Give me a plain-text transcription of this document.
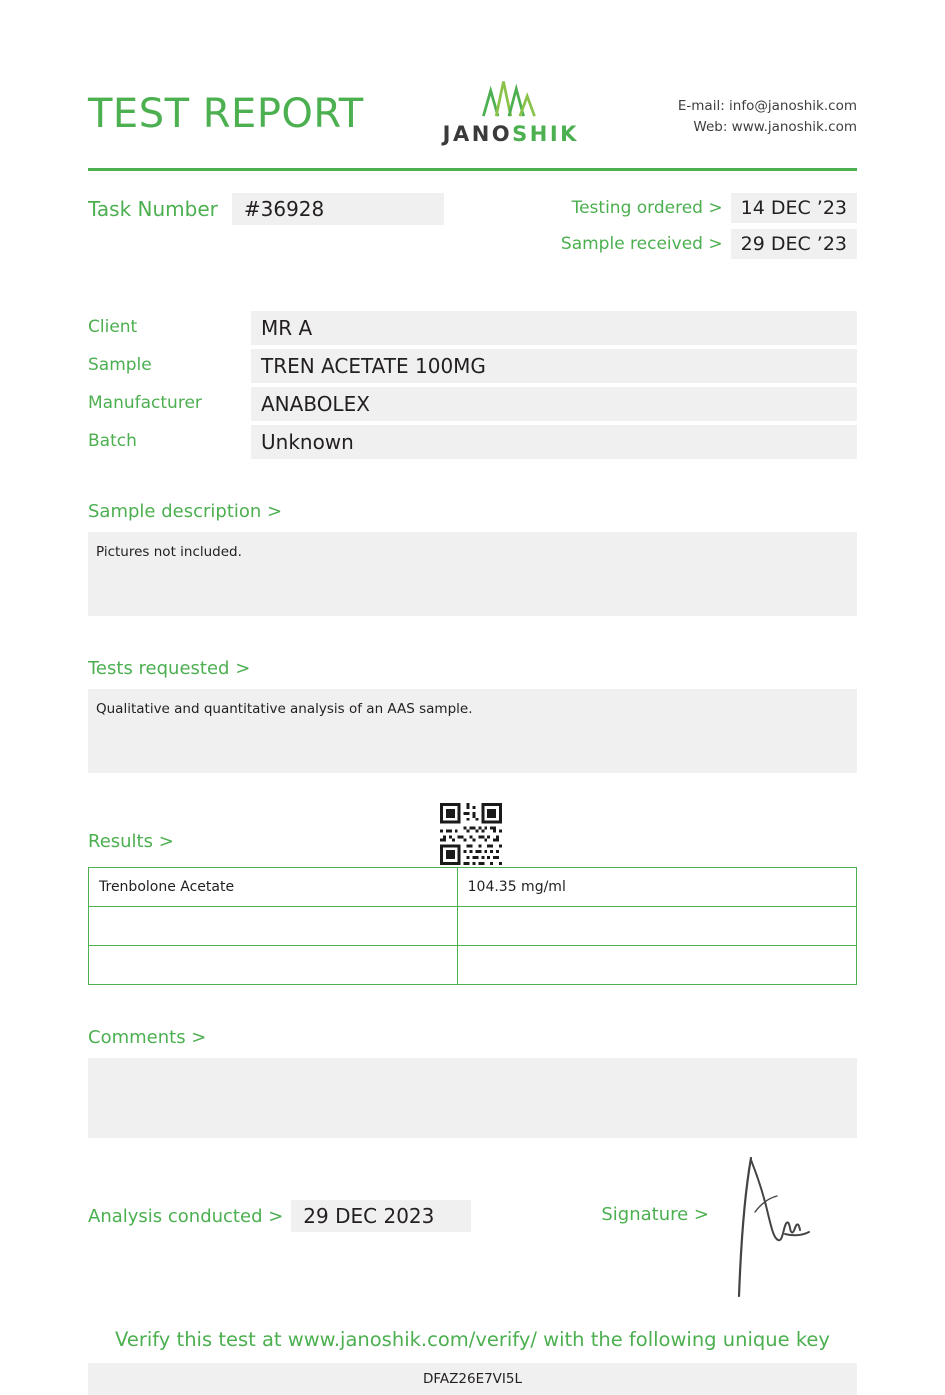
TEST REPORT	JANOSHIK
E-mail: info@janoshik.com
Web: www.janoshik.com
Task Number	#36928	Testing ordered > 14 DEC ’23
Sample received > 29 DEC ’23
Client	MR A
Sample	TREN ACETATE 100MG
Manufacturer	ANABOLEX
Batch	Unknown
Sample description >
Pictures not included.
Tests requested >
Qualitative and quantitative analysis of an AAS sample.
Results >
Trenbolone Acetate	104.35 mg/ml

Comments >
Analysis conducted >	29 DEC 2023	Signature >
Verify this test at www.janoshik.com/verify/ with the following unique key
DFAZ26E7VI5L
